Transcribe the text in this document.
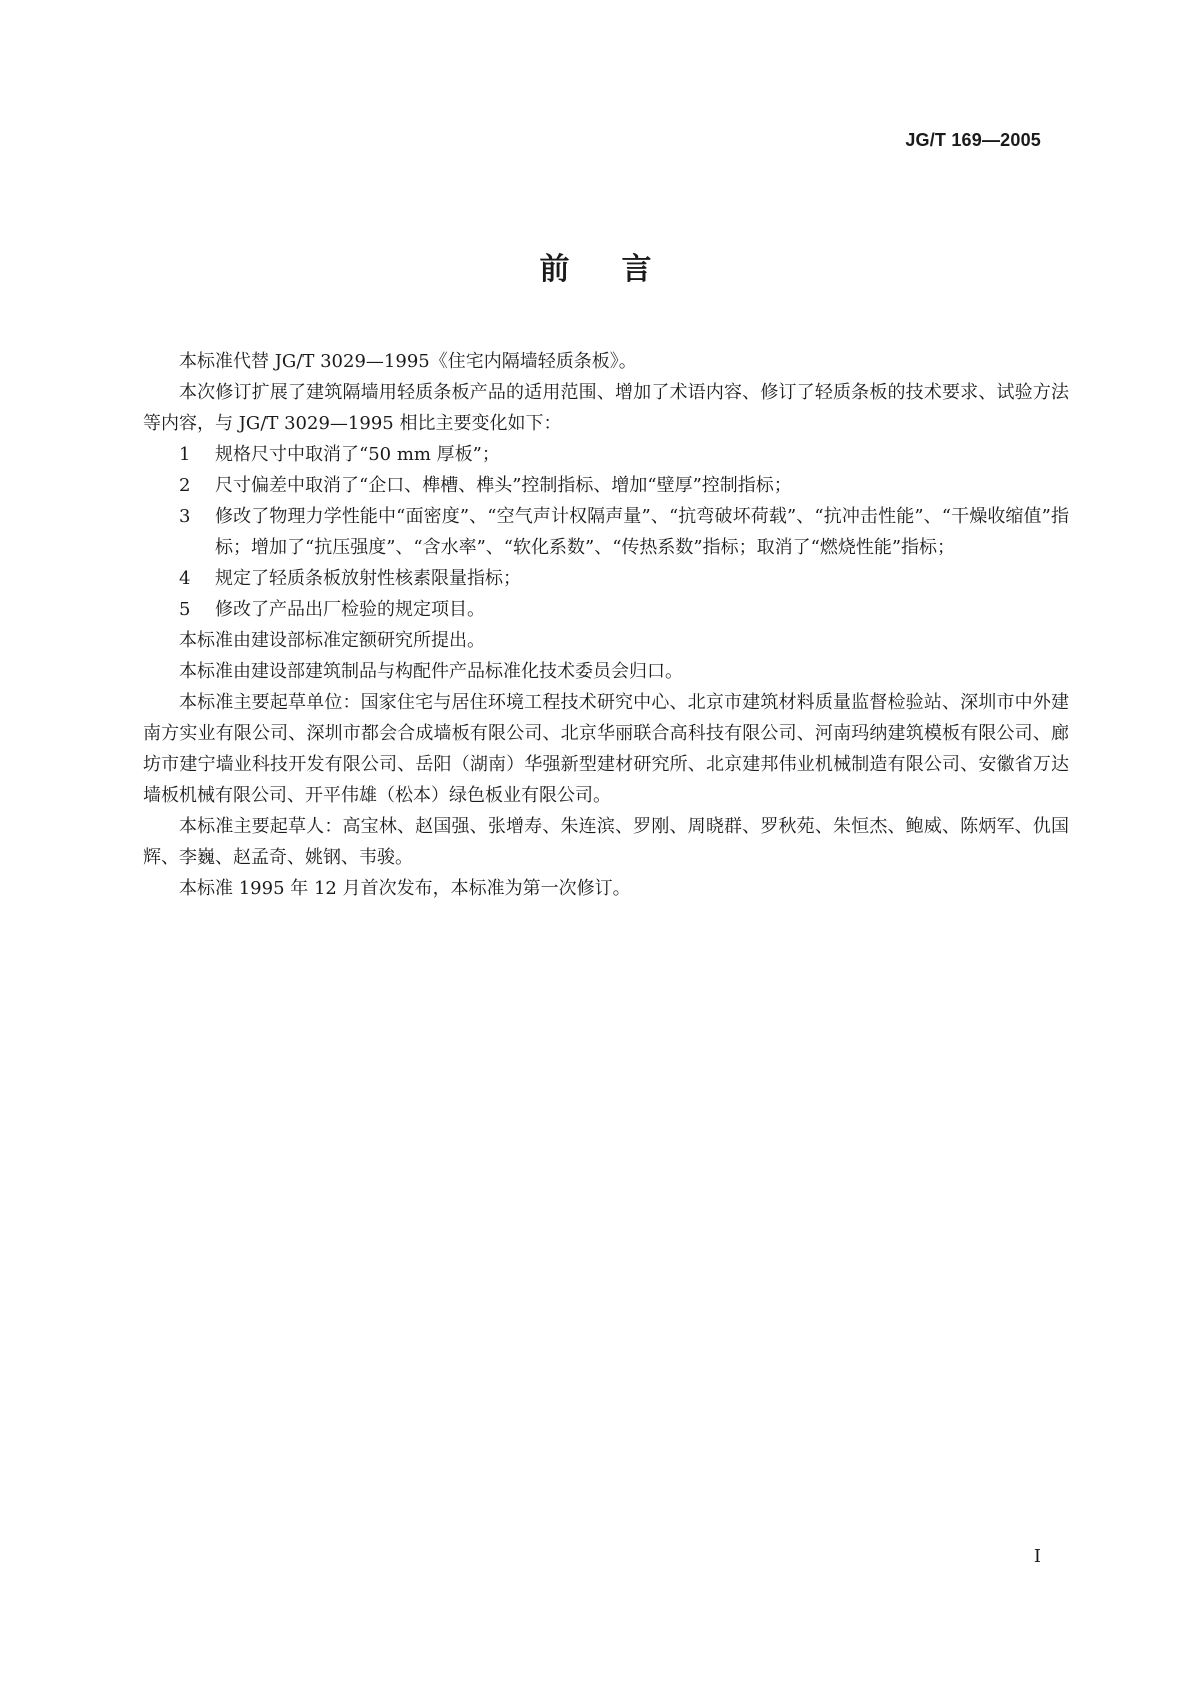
JG/T 169—2005
前言

本标准代替 JG/T 3029—1995《住宅内隔墙轻质条板》。

本次修订扩展了建筑隔墙用轻质条板产品的适用范围、增加了术语内容、修订了轻质条板的技术要求、试验方法等内容，与 JG/T 3029—1995 相比主要变化如下：

1	规格尺寸中取消了“50 mm 厚板”；
2	尺寸偏差中取消了“企口、榫槽、榫头”控制指标、增加“壁厚”控制指标；
3	修改了物理力学性能中“面密度”、“空气声计权隔声量”、“抗弯破坏荷载”、“抗冲击性能”、“干燥收缩值”指标；增加了“抗压强度”、“含水率”、“软化系数”、“传热系数”指标；取消了“燃烧性能”指标；
4	规定了轻质条板放射性核素限量指标；
5	修改了产品出厂检验的规定项目。

本标准由建设部标准定额研究所提出。

本标准由建设部建筑制品与构配件产品标准化技术委员会归口。

本标准主要起草单位：国家住宅与居住环境工程技术研究中心、北京市建筑材料质量监督检验站、深圳市中外建南方实业有限公司、深圳市都会合成墙板有限公司、北京华丽联合高科技有限公司、河南玛纳建筑模板有限公司、廊坊市建宁墙业科技开发有限公司、岳阳（湖南）华强新型建材研究所、北京建邦伟业机械制造有限公司、安徽省万达墙板机械有限公司、开平伟雄（松本）绿色板业有限公司。

本标准主要起草人：高宝林、赵国强、张增寿、朱连滨、罗刚、周晓群、罗秋苑、朱恒杰、鲍威、陈炳军、仇国辉、李巍、赵孟奇、姚钢、韦骏。

本标准 1995 年 12 月首次发布，本标准为第一次修订。

I
